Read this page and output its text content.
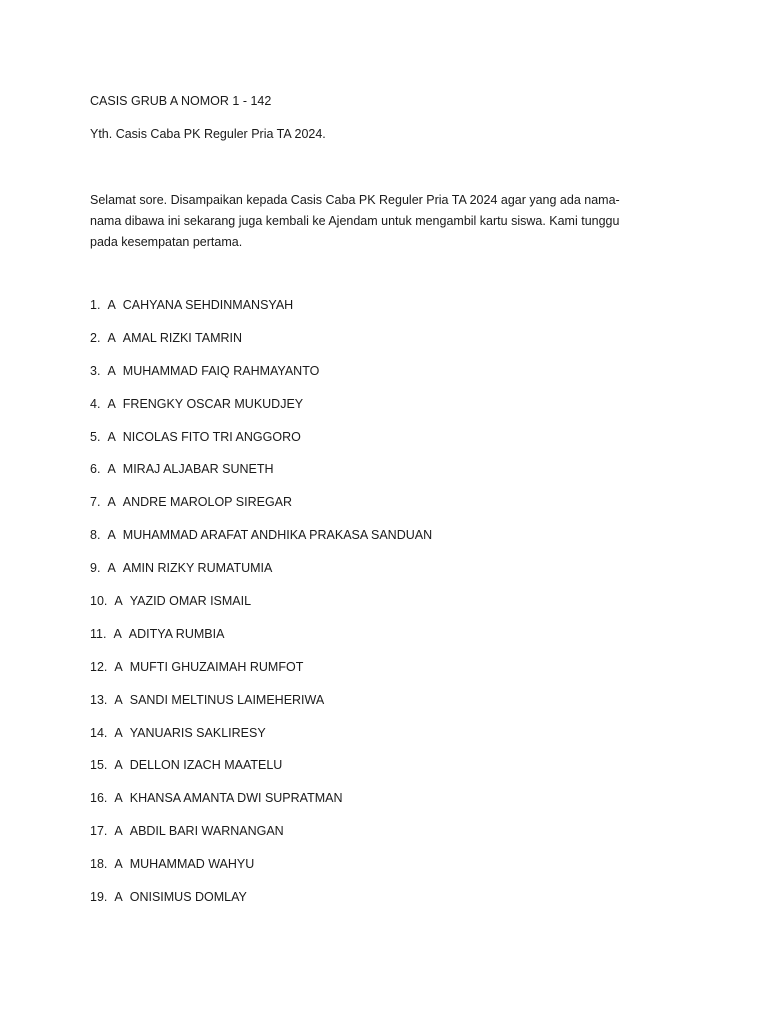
CASIS GRUB A NOMOR 1 - 142

Yth. Casis Caba PK Reguler Pria TA 2024.

Selamat sore. Disampaikan kepada Casis Caba PK Reguler Pria TA 2024 agar yang ada nama-nama dibawa ini sekarang juga kembali ke Ajendam untuk mengambil kartu siswa. Kami tunggu pada kesempatan pertama.

1. A CAHYANA SEHDINMANSYAH
2. A AMAL RIZKI TAMRIN
3. A MUHAMMAD FAIQ RAHMAYANTO
4. A FRENGKY OSCAR MUKUDJEY
5. A NICOLAS FITO TRI ANGGORO
6. A MIRAJ ALJABAR SUNETH
7. A ANDRE MAROLOP SIREGAR
8. A MUHAMMAD ARAFAT ANDHIKA PRAKASA SANDUAN
9. A AMIN RIZKY RUMATUMIA
10. A YAZID OMAR ISMAIL
11. A ADITYA RUMBIA
12. A MUFTI GHUZAIMAH RUMFOT
13. A SANDI MELTINUS LAIMEHERIWA
14. A YANUARIS SAKLIRESY
15. A DELLON IZACH MAATELU
16. A KHANSA AMANTA DWI SUPRATMAN
17. A ABDIL BARI WARNANGAN
18. A MUHAMMAD WAHYU
19. A ONISIMUS DOMLAY
